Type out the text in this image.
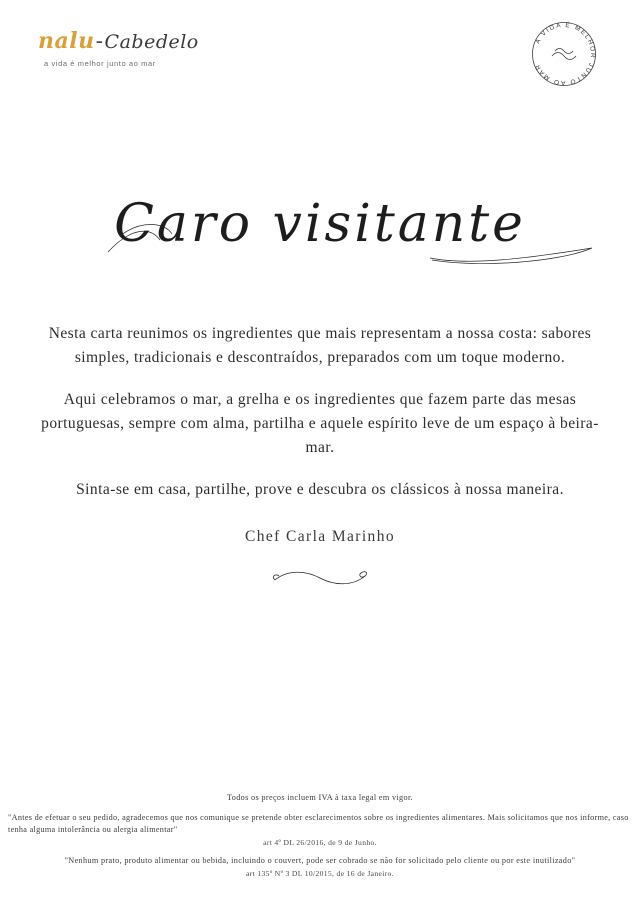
nalu-Cabedelo
a vida é melhor junto ao mar
A VIDA É MELHOR JUNTO AO MAR
Caro visitante

Nesta carta reunimos os ingredientes que mais representam a nossa costa: sabores simples, tradicionais e descontraídos, preparados com um toque moderno.

Aqui celebramos o mar, a grelha e os ingredientes que fazem parte das mesas portuguesas, sempre com alma, partilha e aquele espírito leve de um espaço à beira-mar.

Sinta-se em casa, partilhe, prove e descubra os clássicos à nossa maneira.

Chef Carla Marinho

Todos os preços incluem IVA à taxa legal em vigor.

"Antes de efetuar o seu pedido, agradecemos que nos comunique se pretende obter esclarecimentos sobre os ingredientes alimentares. Mais solicitamos que nos informe, caso tenha alguma intolerância ou alergia alimentar"

art 4º DL 26/2016, de 9 de Junho.

"Nenhum prato, produto alimentar ou bebida, incluindo o couvert, pode ser cobrado se não for solicitado pelo cliente ou por este inutilizado"

art 135º Nº 3 DL 10/2015, de 16 de Janeiro.
